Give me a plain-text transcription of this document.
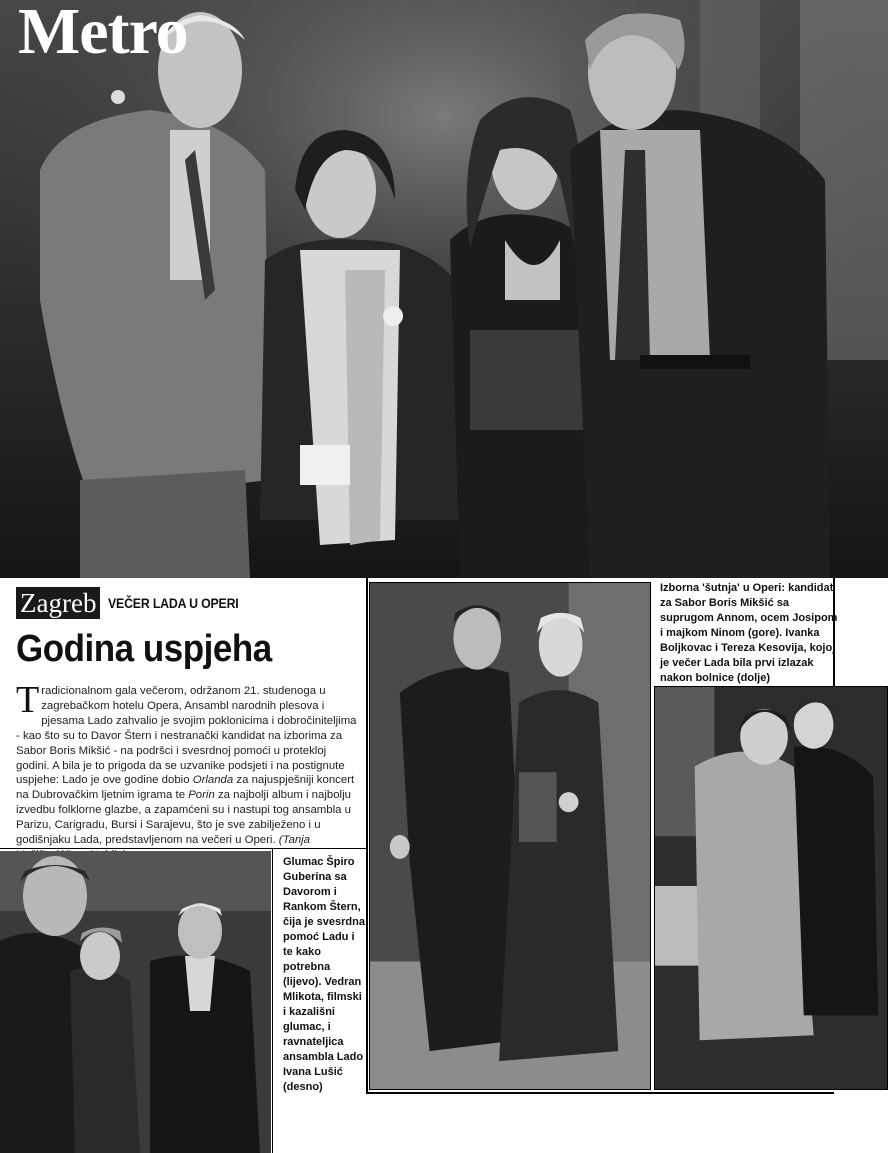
Metro
Zagreb VEČER LADA U OPERI
Godina uspjeha
Tradicionalnom gala večerom, održanom 21. studenoga u zagrebačkom hotelu Opera, Ansambl narodnih plesova i pjesama Lado zahvalio je svojim poklonicima i dobročiniteljima - kao što su to Davor Štern i nestranački kandidat na izborima za Sabor Boris Mikšić - na podršci i svesrdnoj pomoći u proteklој godini. A bila je to prigoda da se uzvanike podsjeti i na postignute uspjehe: Lado je ove godine dobio Orlanda za najuspješniji koncert na Dubrovačkim ljetnim igrama te Porin za najbolji album i najbolju izvedbu folklorne glazbe, a zapamćeni su i nastupi tog ansambla u Parizu, Carigradu, Bursi i Sarajevu, što je sve zabilježeno i u godišnjaku Lada, predstavljenom na večeri u Operi. (Tanja
Izborna 'šutnja' u Operi: kandidat za Sabor Boris Mikšić sa suprugom Annom, ocem Josipom i majkom Ninom (gore). Ivanka Boljkovac i Tereza Kesovija, kojoj je večer Lada bila prvi izlazak nakon bolnice (dolje)
Glumac Špiro Guberina sa Davorom i Rankom Štern, čija je svesrdna pomoć Ladu i te kako potrebna (lijevo). Vedran Mlikota, filmski i kazališni glumac, i ravnateljica ansambla Lado Ivana Lušić (desno)
